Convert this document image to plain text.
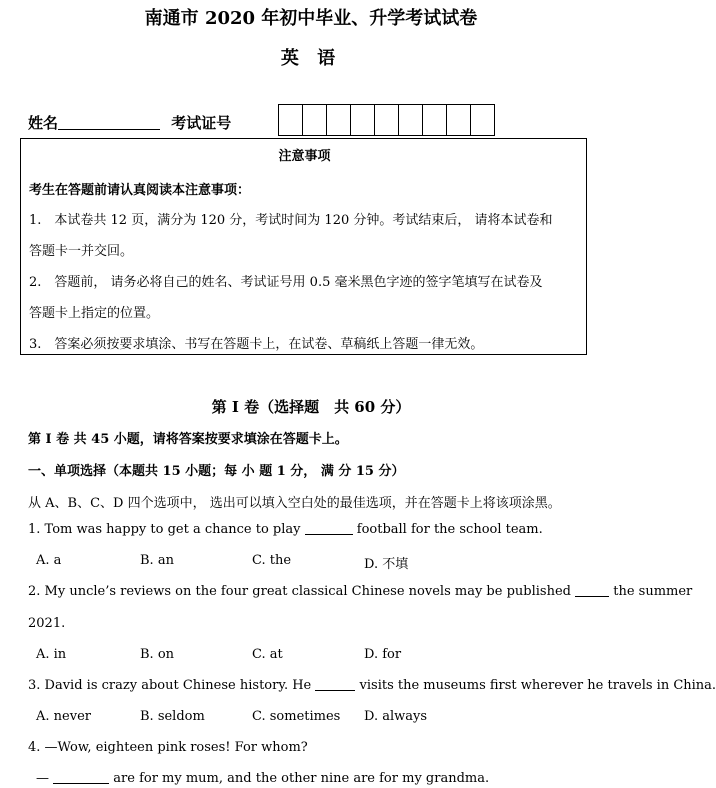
南通市 2020 年初中毕业、升学考试试卷
英 语
姓名	考试证号
注意事项
考生在答题前请认真阅读本注意事项：
1.　本试卷共 12 页，满分为 120 分，考试时间为 120 分钟。考试结束后， 请将本试卷和
答题卡一并交回。
2.　答题前， 请务必将自己的姓名、考试证号用 0.5 毫米黑色字迹的签字笔填写在试卷及
答题卡上指定的位置。
3.　答案必须按要求填涂、书写在答题卡上，在试卷、草稿纸上答题一律无效。
第 I 卷（选择题　共 60 分）
第 I 卷 共 45 小题，请将答案按要求填涂在答题卡上。
一、单项选择（本题共 15 小题；每 小 题 1 分， 满 分 15 分）
从 A、B、C、D 四个选项中， 选出可以填入空白处的最佳选项，并在答题卡上将该项涂黑。
1. Tom was happy to get a chance to play	football for the school team.
A. a	B. an	C. the	D. 不填
2. My uncle’s reviews on the four great classical Chinese novels may be published	the summer
2021.
A. in	B. on	C. at	D. for
3. David is crazy about Chinese history. He	visits the museums first wherever he travels in China.
A. never	B. seldom	C. sometimes D. always
4. —Wow, eighteen pink roses! For whom?
—	are for my mum, and the other nine are for my grandma.
